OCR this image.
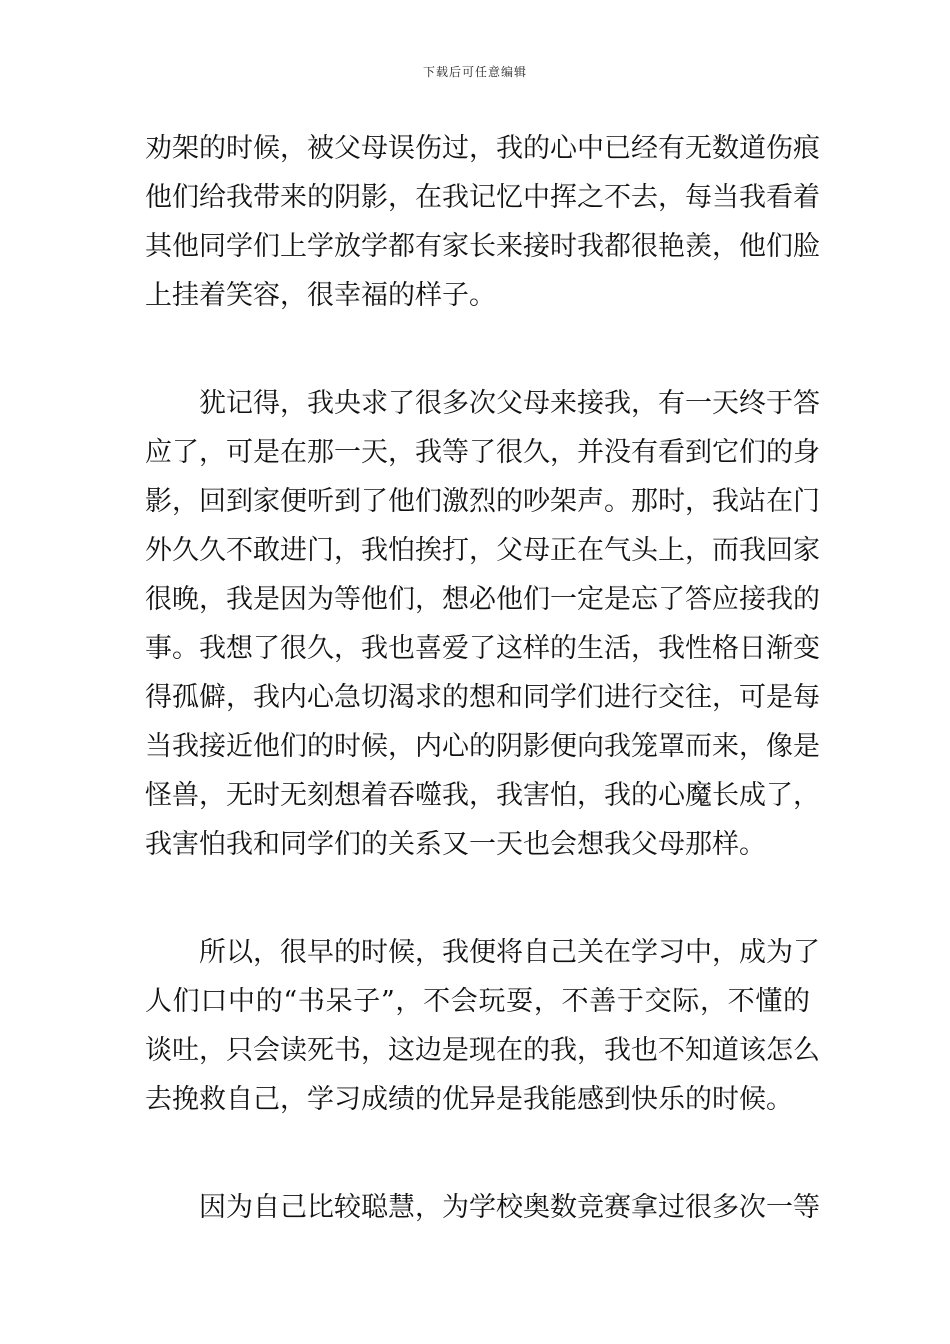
下载后可任意编辑
劝架的时候，被父母误伤过，我的心中已经有无数道伤痕
他们给我带来的阴影，在我记忆中挥之不去，每当我看着
其他同学们上学放学都有家长来接时我都很艳羡，他们脸
上挂着笑容，很幸福的样子。
犹记得，我央求了很多次父母来接我，有一天终于答
应了，可是在那一天，我等了很久，并没有看到它们的身
影，回到家便听到了他们激烈的吵架声。那时，我站在门
外久久不敢进门，我怕挨打，父母正在气头上，而我回家
很晚，我是因为等他们，想必他们一定是忘了答应接我的
事。我想了很久，我也喜爱了这样的生活，我性格日渐变
得孤僻，我内心急切渴求的想和同学们进行交往，可是每
当我接近他们的时候，内心的阴影便向我笼罩而来，像是
怪兽，无时无刻想着吞噬我，我害怕，我的心魔长成了，
我害怕我和同学们的关系又一天也会想我父母那样。
所以，很早的时候，我便将自己关在学习中，成为了
人们口中的“书呆子”，不会玩耍，不善于交际，不懂的
谈吐，只会读死书，这边是现在的我，我也不知道该怎么
去挽救自己，学习成绩的优异是我能感到快乐的时候。
因为自己比较聪慧，为学校奥数竞赛拿过很多次一等
